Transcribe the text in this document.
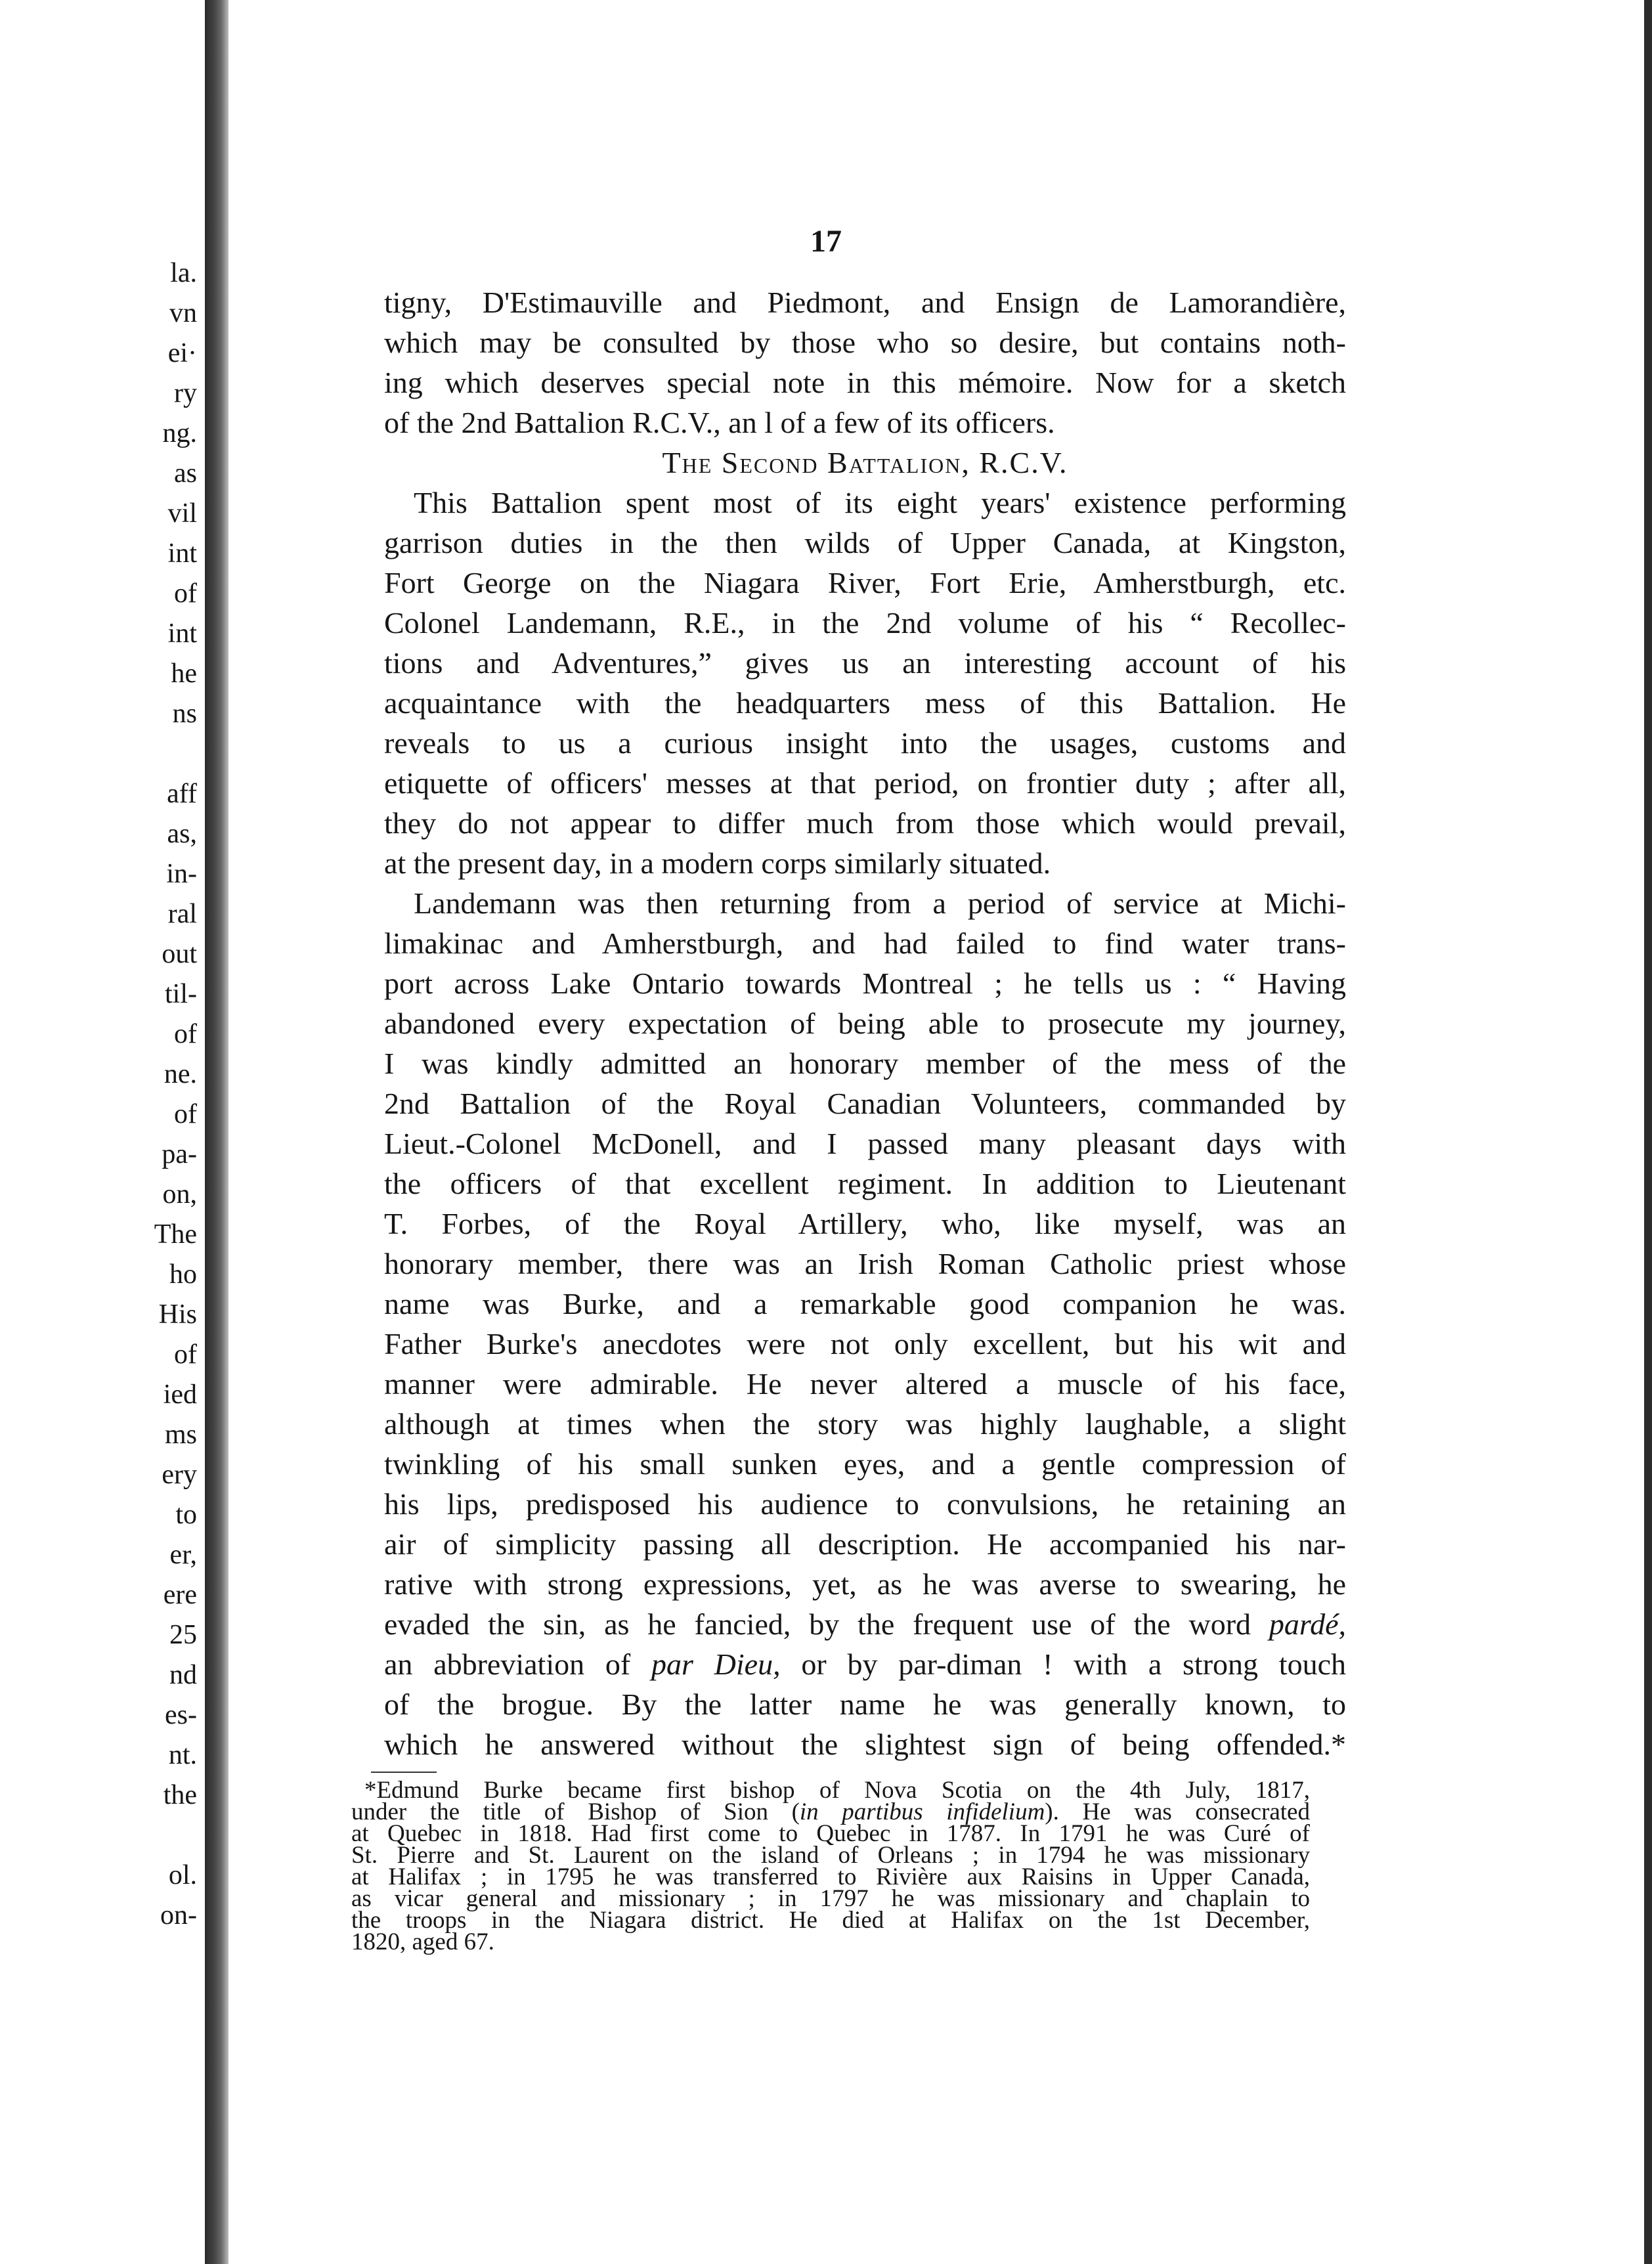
la.
vn
ei·
ry
ng.
as
vil
int
of
int
he
ns
aff
as,
in-
ral
out
til-
of
ne.
of
pa-
on,
The
ho
His
of
ied
ms
ery
to
er,
ere
25
nd
es-
nt.
the
ol.
on-
17
tigny, D'Estimauville and Piedmont, and Ensign de Lamorandière,
which may be consulted by those who so desire, but contains noth-
ing which deserves special note in this mémoire. Now for a sketch
of the 2nd Battalion R.C.V., an l of a few of its officers.
The Second Battalion, R.C.V.
This Battalion spent most of its eight years' existence performing
garrison duties in the then wilds of Upper Canada, at Kingston,
Fort George on the Niagara River, Fort Erie, Amherstburgh, etc.
Colonel Landemann, R.E., in the 2nd volume of his “ Recollec-
tions and Adventures,” gives us an interesting account of his
acquaintance with the headquarters mess of this Battalion. He
reveals to us a curious insight into the usages, customs and
etiquette of officers' messes at that period, on frontier duty ; after all,
they do not appear to differ much from those which would prevail,
at the present day, in a modern corps similarly situated.
Landemann was then returning from a period of service at Michi-
limakinac and Amherstburgh, and had failed to find water trans-
port across Lake Ontario towards Montreal ; he tells us : “ Having
abandoned every expectation of being able to prosecute my journey,
I was kindly admitted an honorary member of the mess of the
2nd Battalion of the Royal Canadian Volunteers, commanded by
Lieut.-Colonel McDonell, and I passed many pleasant days with
the officers of that excellent regiment. In addition to Lieutenant
T. Forbes, of the Royal Artillery, who, like myself, was an
honorary member, there was an Irish Roman Catholic priest whose
name was Burke, and a remarkable good companion he was.
Father Burke's anecdotes were not only excellent, but his wit and
manner were admirable. He never altered a muscle of his face,
although at times when the story was highly laughable, a slight
twinkling of his small sunken eyes, and a gentle compression of
his lips, predisposed his audience to convulsions, he retaining an
air of simplicity passing all description. He accompanied his nar-
rative with strong expressions, yet, as he was averse to swearing, he
evaded the sin, as he fancied, by the frequent use of the word pardé,
an abbreviation of par Dieu, or by par-diman ! with a strong touch
of the brogue. By the latter name he was generally known, to
which he answered without the slightest sign of being offended.*
*Edmund Burke became first bishop of Nova Scotia on the 4th July, 1817,
under the title of Bishop of Sion (in partibus infidelium). He was consecrated
at Quebec in 1818. Had first come to Quebec in 1787. In 1791 he was Curé of
St. Pierre and St. Laurent on the island of Orleans ; in 1794 he was missionary
at Halifax ; in 1795 he was transferred to Rivière aux Raisins in Upper Canada,
as vicar general and missionary ; in 1797 he was missionary and chaplain to
the troops in the Niagara district. He died at Halifax on the 1st December,
1820, aged 67.
